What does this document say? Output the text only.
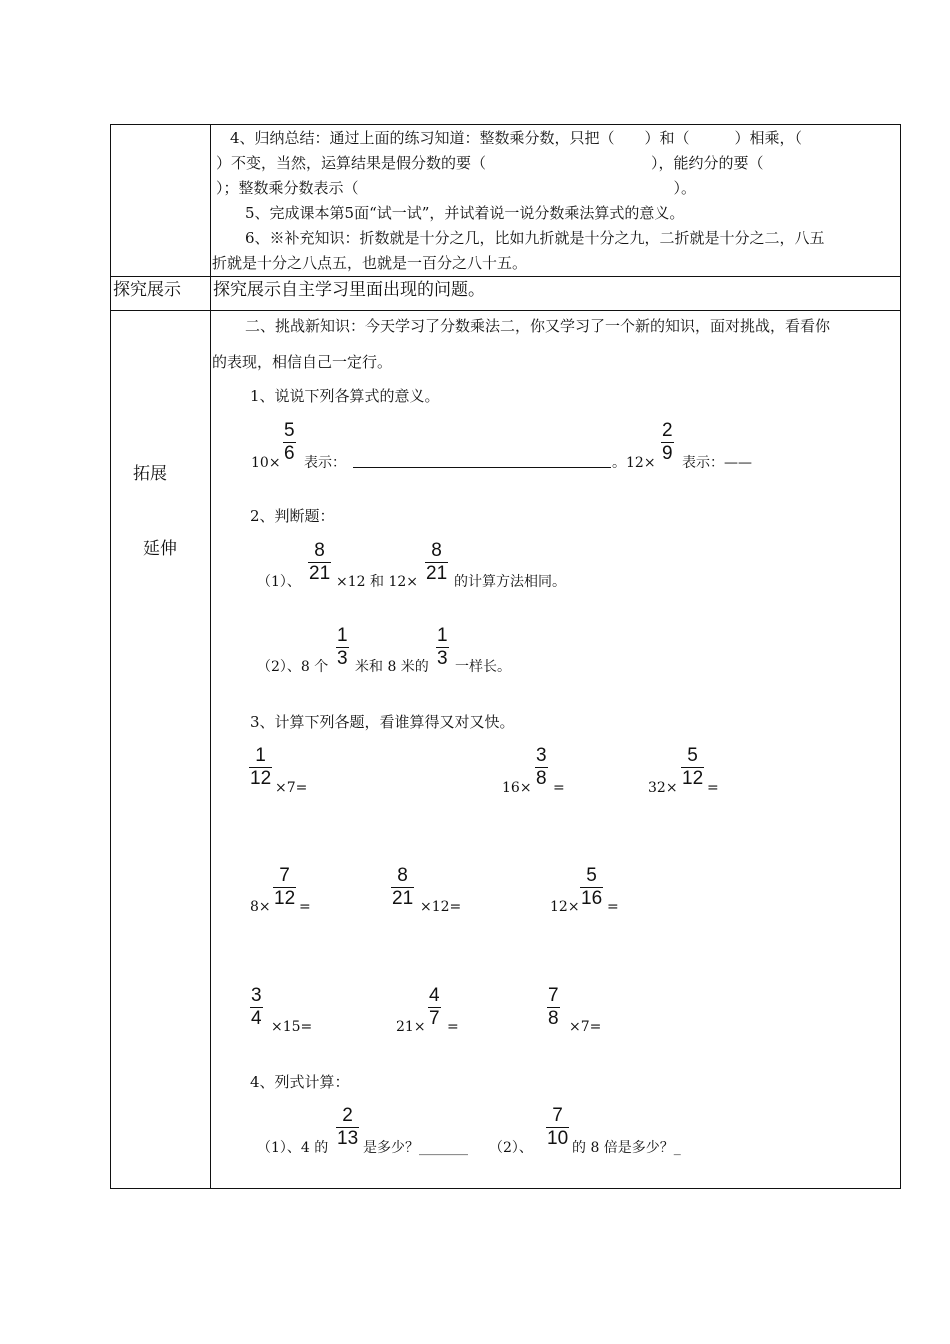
4、归纳总结：通过上面的练习知道：整数乘分数，只把（　　）和（　　　）相乘，（
）不变，当然，运算结果是假分数的要（　　　　　　　　　　　），能约分的要（
）；整数乘分数表示（　　　　　　　　　　　　　　　　　　　　　）。
5、完成课本第5面“试一试”，并试着说一说分数乘法算式的意义。
6、※补充知识：折数就是十分之几，比如九折就是十分之九，二折就是十分之二，八五
折就是十分之八点五，也就是一百分之八十五。
探究展示 探究展示自主学习里面出现的问题。
拓展
延伸
二、挑战新知识：今天学习了分数乘法二，你又学习了一个新的知识，面对挑战，看看你
的表现，相信自己一定行。
1、说说下列各算式的意义。
$10\times \frac{5}{6}$ 表示：	。$12\times \frac{2}{9}$ 表示：——
2、判断题：
（1）、 $\frac{8}{21} \times 12$ 和 $12\times \frac{8}{21}$ 的计算方法相同。
（2）、8 个 $\frac{1}{3}$ 米和 8 米的 $\frac{1}{3}$ 一样长。
3、计算下列各题，看谁算得又对又快。
$\frac{1}{12} \times 7=$	$16\times \frac{3}{8}$ =	$32\times \frac{5}{12}$ =
$8\times \frac{7}{12}$ =	$\frac{8}{21} \times 12=$	$12\times \frac{5}{16}$ =
$\frac{3}{4} \times 15=$	$21\times \frac{4}{7}$ =	$\frac{7}{8} \times 7=$
4、列式计算：
（1）、4 的 $\frac{2}{13}$ 是多少？_______ （2）、 $\frac{7}{10}$ 的 8 倍是多少？_
